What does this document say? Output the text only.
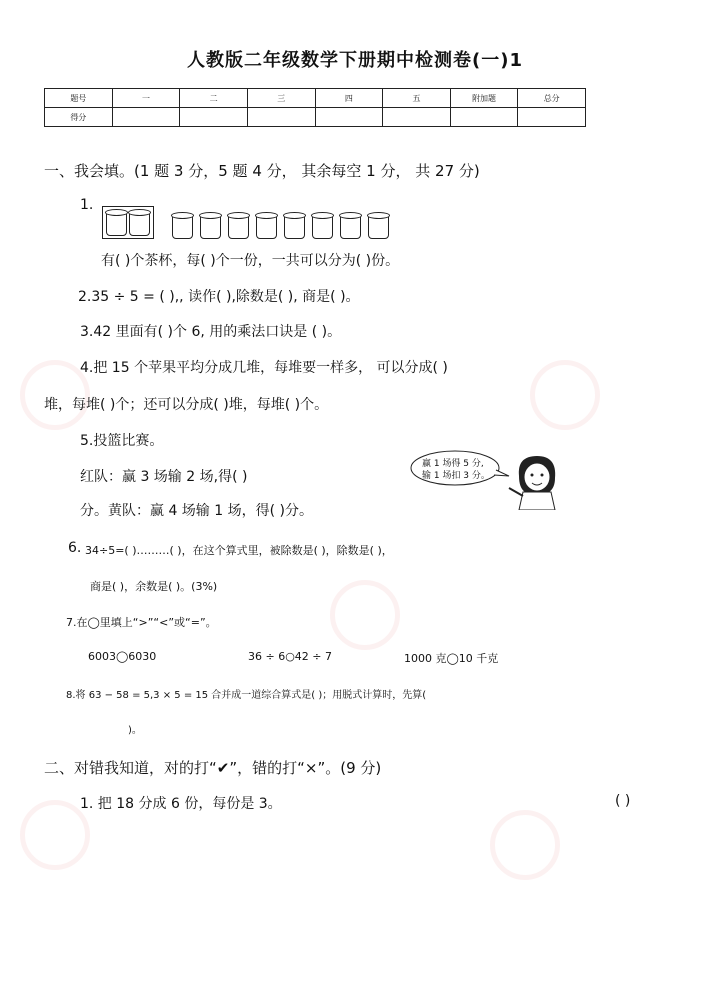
人教版二年级数学下册期中检测卷(一)1
题号	一	二	三	四	五	附加题	总分
得分							
一、我会填。(1 题 3 分，5 题 4 分， 其余每空 1 分， 共 27 分)
1.
有( )个茶杯，每( )个一份，一共可以分为( )份。
2.35 ÷ 5 = ( ),, 读作( ),除数是( ), 商是( )。
3.42 里面有( )个 6, 用的乘法口诀是 ( )。
4.把 15 个苹果平均分成几堆，每堆要一样多， 可以分成( )
堆，每堆( )个；还可以分成( )堆，每堆( )个。
5.投篮比赛。
红队：赢 3 场输 2 场,得( )
分。黄队：赢 4 场输 1 场，得( )分。
赢 1 场得 5 分,
输 1 场扣 3 分。
6. 34÷5=( )………( )，在这个算式里，被除数是( )，除数是( )，
商是( )，余数是( )。(3%)
7.在◯里填上“>”“<”或“=”。
6003◯6030	36 ÷ 6○42 ÷ 7	1000 克◯10 千克
8.将 63 − 58 = 5,3 × 5 = 15 合并成一道综合算式是( )；用脱式计算时，先算(
)。
二、对错我知道，对的打“✔”，错的打“×”。(9 分)
1. 把 18 分成 6 份，每份是 3。	( )
